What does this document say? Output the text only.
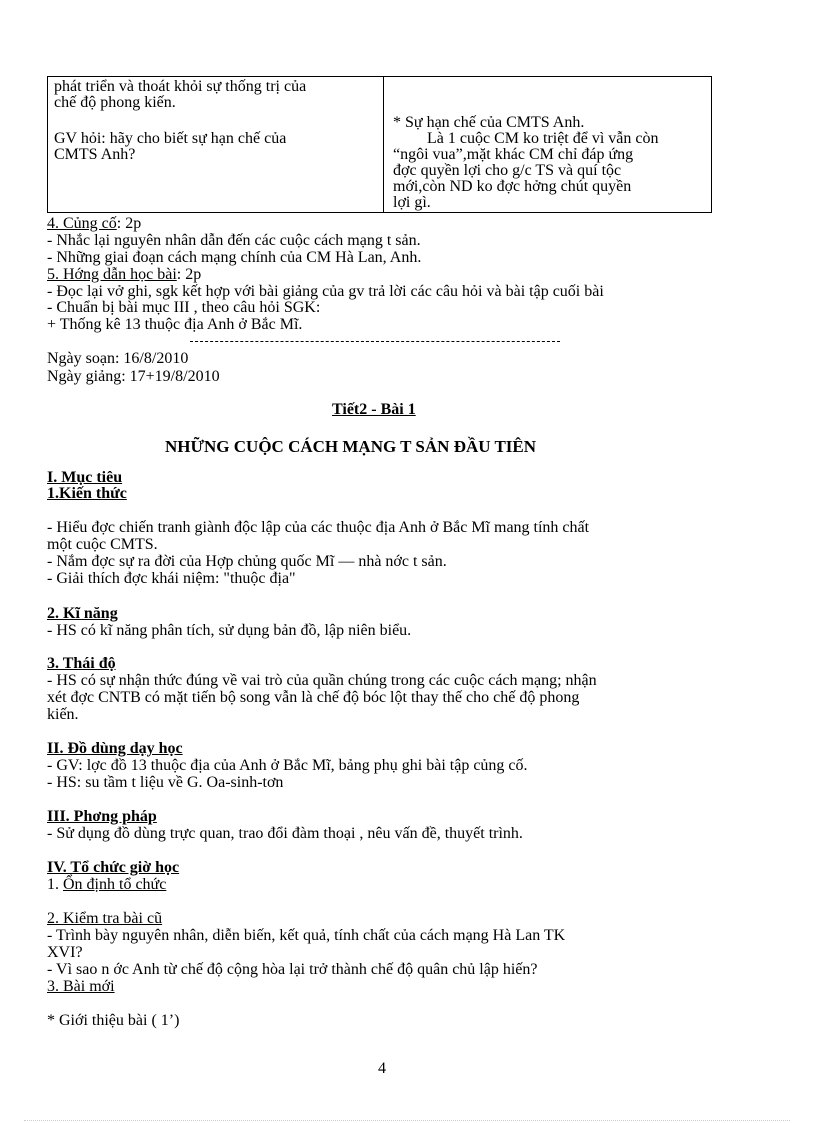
phát triển và thoát khỏi sự thống trị của
chế độ phong kiến.
GV hỏi: hãy cho biết sự hạn chế của
CMTS Anh?
* Sự hạn chế của CMTS Anh.
Là 1 cuộc CM ko triệt để vì vẫn còn
“ngôi vua”,mặt khác CM chỉ đáp ứng
đợc quyền lợi cho g/c TS và quí tộc
mới,còn ND ko đợc hởng chút quyền
lợi gì.
4. Củng cố: 2p
- Nhắc lại nguyên nhân dẫn đến các cuộc cách mạng t sản.
- Những giai đoạn cách mạng chính của CM Hà Lan, Anh.
5. Hớng dẫn học bài: 2p
- Đọc lại vở ghi, sgk kết hợp với bài giảng của gv trả lời các câu hỏi và bài tập cuối bài
- Chuẩn bị bài mục III , theo câu hỏi SGK:
+ Thống kê 13 thuộc địa Anh ở Bắc Mĩ.
Ngày soạn: 16/8/2010
Ngày giảng: 17+19/8/2010
Tiết2 - Bài 1
NHỮNG CUỘC CÁCH MẠNG T SẢN ĐẦU TIÊN
I. Mục tiêu
1.Kiến thức
- Hiểu đợc chiến tranh giành độc lập của các thuộc địa Anh ở Bắc Mĩ mang tính chất
một cuộc CMTS.
- Nắm đợc sự ra đời của Hợp chủng quốc Mĩ — nhà nớc t sản.
- Giải thích đợc khái niệm: "thuộc địa"
2. Kĩ năng
- HS có kĩ năng phân tích, sử dụng bản đồ, lập niên biểu.
3. Thái độ
- HS có sự nhận thức đúng về vai trò của quần chúng trong các cuộc cách mạng; nhận
xét đợc CNTB có mặt tiến bộ song vẫn là chế độ bóc lột thay thế cho chế độ phong
kiến.
II. Đồ dùng dạy học
- GV: lợc đồ 13 thuộc địa của Anh ở Bắc Mĩ, bảng phụ ghi bài tập củng cố.
- HS: su tầm t liệu về G. Oa-sinh-tơn
III. Phơng pháp
- Sử dụng đồ dùng trực quan, trao đổi đàm thoại , nêu vấn đề, thuyết trình.
IV. Tổ chức giờ học
1. Ổn định tổ chức
2. Kiểm tra bài cũ
- Trình bày nguyên nhân, diễn biến, kết quả, tính chất của cách mạng Hà Lan TK
XVI?
- Vì sao n ớc Anh từ chế độ cộng hòa lại trở thành chế độ quân chủ lập hiến?
3. Bài mới
* Giới thiệu bài ( 1’)
4
